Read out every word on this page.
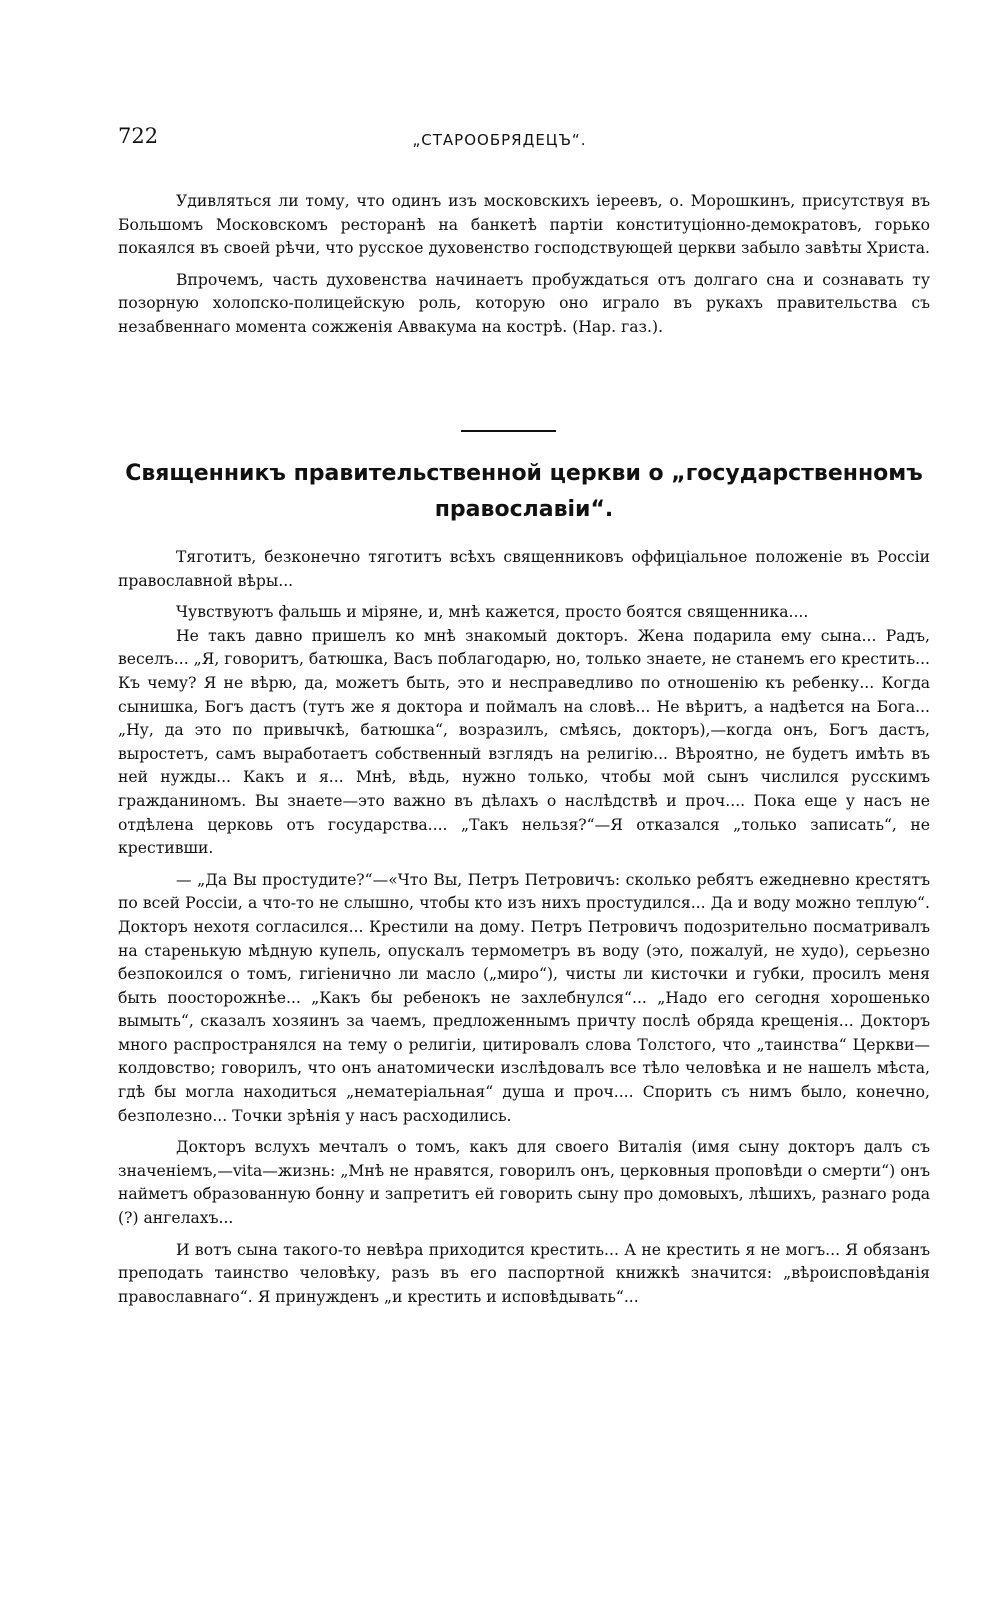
722	„СТАРООБРЯДЕЦЪ“.

Удивляться ли тому, что одинъ изъ московскихъ iереевъ, о. Морошкинъ, присутствуя въ Большомъ Московскомъ ресторанѣ на банкетѣ партiи конституцiонно-демократовъ, горько покаялся въ своей рѣчи, что русское духовенство господствующей церкви забыло завѣты Христа.

Впрочемъ, часть духовенства начинаетъ пробуждаться отъ долгаго сна и сознавать ту позорную холопско-полицейскую роль, которую оно играло въ рукахъ правительства съ незабвеннаго момента сожженiя Аввакума на кострѣ. (Нар. газ.).

Священникъ правительственной церкви о „государственномъ православiи“.

Тяготитъ, безконечно тяготитъ всѣхъ священниковъ оффицiальное положенiе въ Россiи православной вѣры...

Чувствуютъ фальшь и мiряне, и, мнѣ кажется, просто боятся священника....

Не такъ давно пришелъ ко мнѣ знакомый докторъ. Жена подарила ему сына... Радъ, веселъ... „Я, говоритъ, батюшка, Васъ поблагодарю, но, только знаете, не станемъ его крестить... Къ чему? Я не вѣрю, да, можетъ быть, это и несправедливо по отношенiю къ ребенку... Когда сынишка, Богъ дастъ (тутъ же я доктора и поймалъ на словѣ... Не вѣритъ, а надѣется на Бога... „Ну, да это по привычкѣ, батюшка“, возразилъ, смѣясь, докторъ),—когда онъ, Богъ дастъ, выростетъ, самъ выработаетъ собственный взглядъ на религiю... Вѣроятно, не будетъ имѣть въ ней нужды... Какъ и я... Мнѣ, вѣдь, нужно только, чтобы мой сынъ числился русскимъ гражданиномъ. Вы знаете—это важно въ дѣлахъ о наслѣдствѣ и проч.... Пока еще у насъ не отдѣлена церковь отъ государства.... „Такъ нельзя?“—Я отказался „только записать“, не крестивши.

— „Да Вы простудите?“—«Что Вы, Петръ Петровичъ: сколько ребятъ ежедневно крестятъ по всей Россiи, а что-то не слышно, чтобы кто изъ нихъ простудился... Да и воду можно теплую“. Докторъ нехотя согласился... Крестили на дому. Петръ Петровичъ подозрительно посматривалъ на старенькую мѣдную купель, опускалъ термометръ въ воду (это, пожалуй, не худо), серьезно безпокоился о томъ, гигiенично ли масло („миро“), чисты ли кисточки и губки, просилъ меня быть поосторожнѣе... „Какъ бы ребенокъ не захлебнулся“... „Надо его сегодня хорошенько вымыть“, сказалъ хозяинъ за чаемъ, предложеннымъ причту послѣ обряда крещенiя... Докторъ много распространялся на тему о религiи, цитировалъ слова Толстого, что „таинства“ Церкви—колдовство; говорилъ, что онъ анатомически изслѣдовалъ все тѣло человѣка и не нашелъ мѣста, гдѣ бы могла находиться „нематерiальная“ душа и проч.... Спорить съ нимъ было, конечно, безполезно... Точки зрѣнiя у насъ расходились.

Докторъ вслухъ мечталъ о томъ, какъ для своего Виталiя (имя сыну докторъ далъ съ значенiемъ,—vita—жизнь: „Мнѣ не нравятся, говорилъ онъ, церковныя проповѣди о смерти“) онъ найметъ образованную бонну и запретитъ ей говорить сыну про домовыхъ, лѣшихъ, разнаго рода (?) ангелахъ...

И вотъ сына такого-то невѣра приходится крестить... А не крестить я не могъ... Я обязанъ преподать таинство человѣку, разъ въ его паспортной книжкѣ значится: „вѣроисповѣданiя православнаго“. Я принужденъ „и крестить и исповѣдывать“...
